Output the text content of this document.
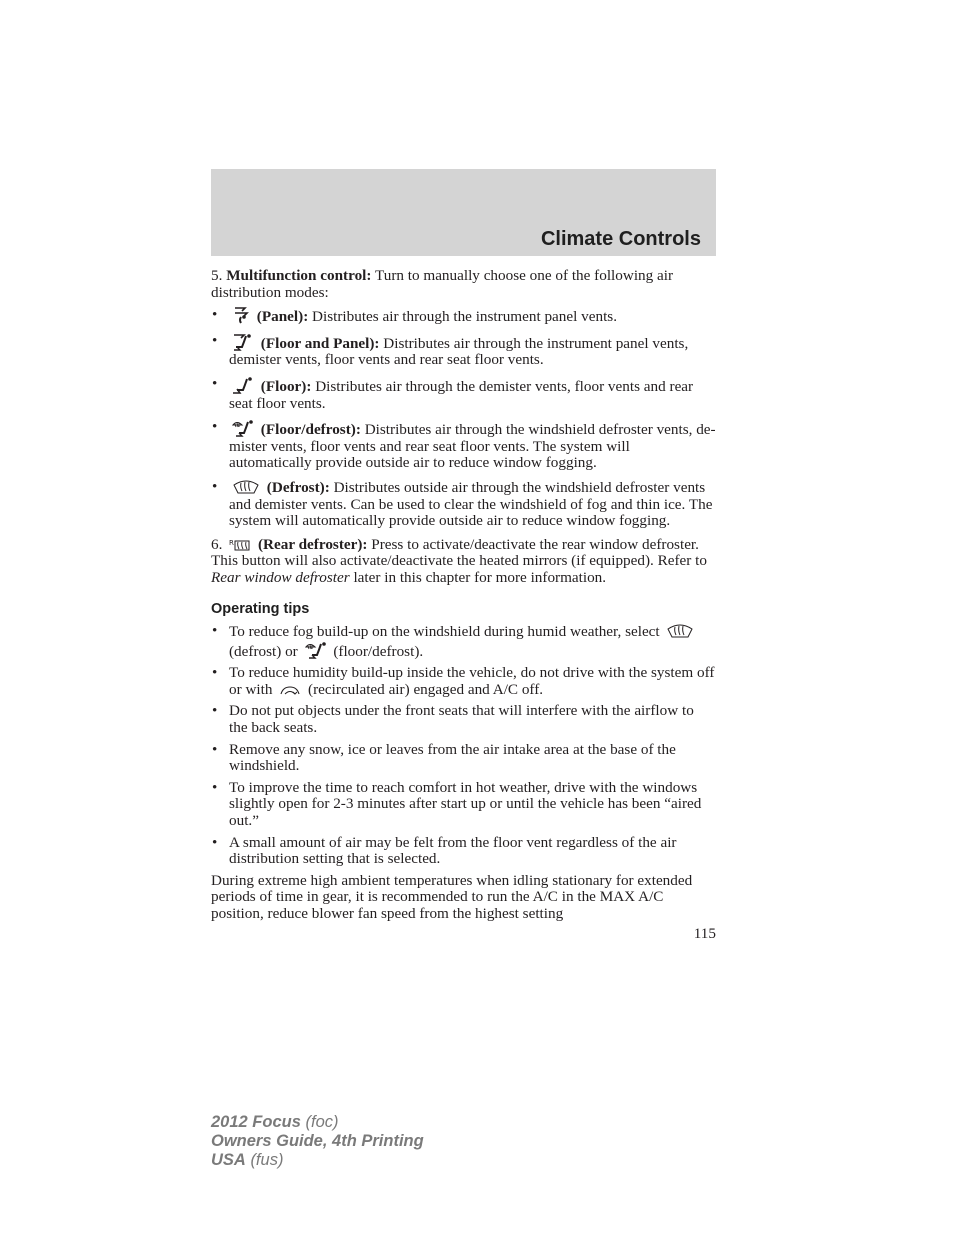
Climate Controls

5. Multifunction control: Turn to manually choose one of the following air distribution modes:

• (Panel): Distributes air through the instrument panel vents.
• (Floor and Panel): Distributes air through the instrument panel vents, demister vents, floor vents and rear seat floor vents.
• (Floor): Distributes air through the demister vents, floor vents and rear seat floor vents.
• (Floor/defrost): Distributes air through the windshield defroster vents, de-mister vents, floor vents and rear seat floor vents. The system will automatically provide outside air to reduce window fogging.
• (Defrost): Distributes outside air through the windshield defroster vents and demister vents. Can be used to clear the windshield of fog and thin ice. The system will automatically provide outside air to reduce window fogging.

6. R (Rear defroster): Press to activate/deactivate the rear window defroster. This button will also activate/deactivate the heated mirrors (if equipped). Refer to Rear window defroster later in this chapter for more information.

Operating tips

• To reduce fog build-up on the windshield during humid weather, select
(defrost) or (floor/defrost).
• To reduce humidity build-up inside the vehicle, do not drive with the system off or with (recirculated air) engaged and A/C off.
• Do not put objects under the front seats that will interfere with the airflow to the back seats.
• Remove any snow, ice or leaves from the air intake area at the base of the windshield.
• To improve the time to reach comfort in hot weather, drive with the windows slightly open for 2-3 minutes after start up or until the vehicle has been “aired out.”
• A small amount of air may be felt from the floor vent regardless of the air distribution setting that is selected.

During extreme high ambient temperatures when idling stationary for extended periods of time in gear, it is recommended to run the A/C in the MAX A/C position, reduce blower fan speed from the highest setting

115

2012 Focus (foc)
Owners Guide, 4th Printing
USA (fus)
